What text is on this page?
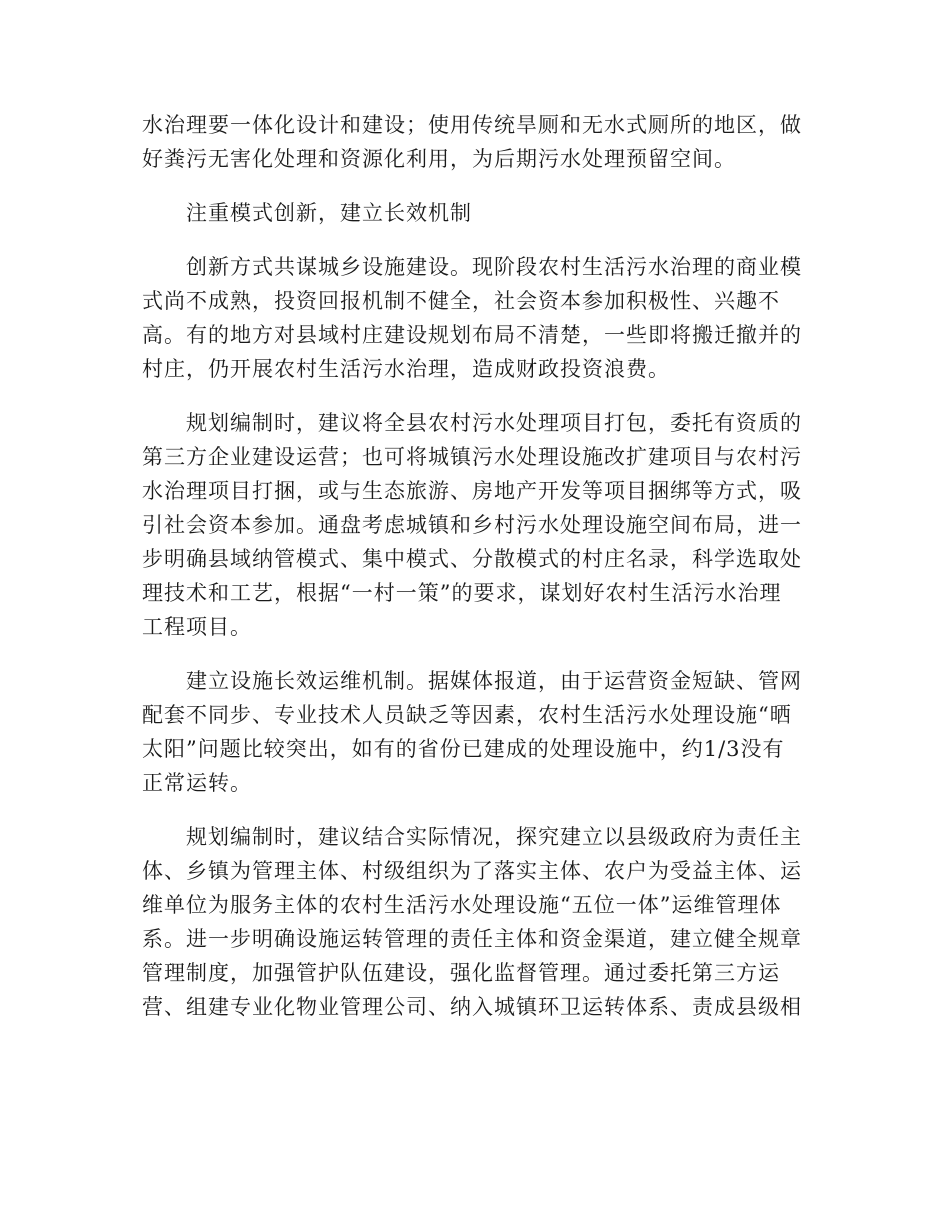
水治理要一体化设计和建设；使用传统旱厕和无水式厕所的地区，做
好粪污无害化处理和资源化利用，为后期污水处理预留空间。
注重模式创新，建立长效机制
创新方式共谋城乡设施建设。现阶段农村生活污水治理的商业模
式尚不成熟，投资回报机制不健全，社会资本参加积极性、兴趣不
高。有的地方对县域村庄建设规划布局不清楚，一些即将搬迁撤并的
村庄，仍开展农村生活污水治理，造成财政投资浪费。
规划编制时，建议将全县农村污水处理项目打包，委托有资质的
第三方企业建设运营；也可将城镇污水处理设施改扩建项目与农村污
水治理项目打捆，或与生态旅游、房地产开发等项目捆绑等方式，吸
引社会资本参加。通盘考虑城镇和乡村污水处理设施空间布局，进一
步明确县域纳管模式、集中模式、分散模式的村庄名录，科学选取处
理技术和工艺，根据“一村一策”的要求，谋划好农村生活污水治理
工程项目。
建立设施长效运维机制。据媒体报道，由于运营资金短缺、管网
配套不同步、专业技术人员缺乏等因素，农村生活污水处理设施“晒
太阳”问题比较突出，如有的省份已建成的处理设施中，约1/3没有
正常运转。
规划编制时，建议结合实际情况，探究建立以县级政府为责任主
体、乡镇为管理主体、村级组织为了落实主体、农户为受益主体、运
维单位为服务主体的农村生活污水处理设施“五位一体”运维管理体
系。进一步明确设施运转管理的责任主体和资金渠道，建立健全规章
管理制度，加强管护队伍建设，强化监督管理。通过委托第三方运
营、组建专业化物业管理公司、纳入城镇环卫运转体系、责成县级相
